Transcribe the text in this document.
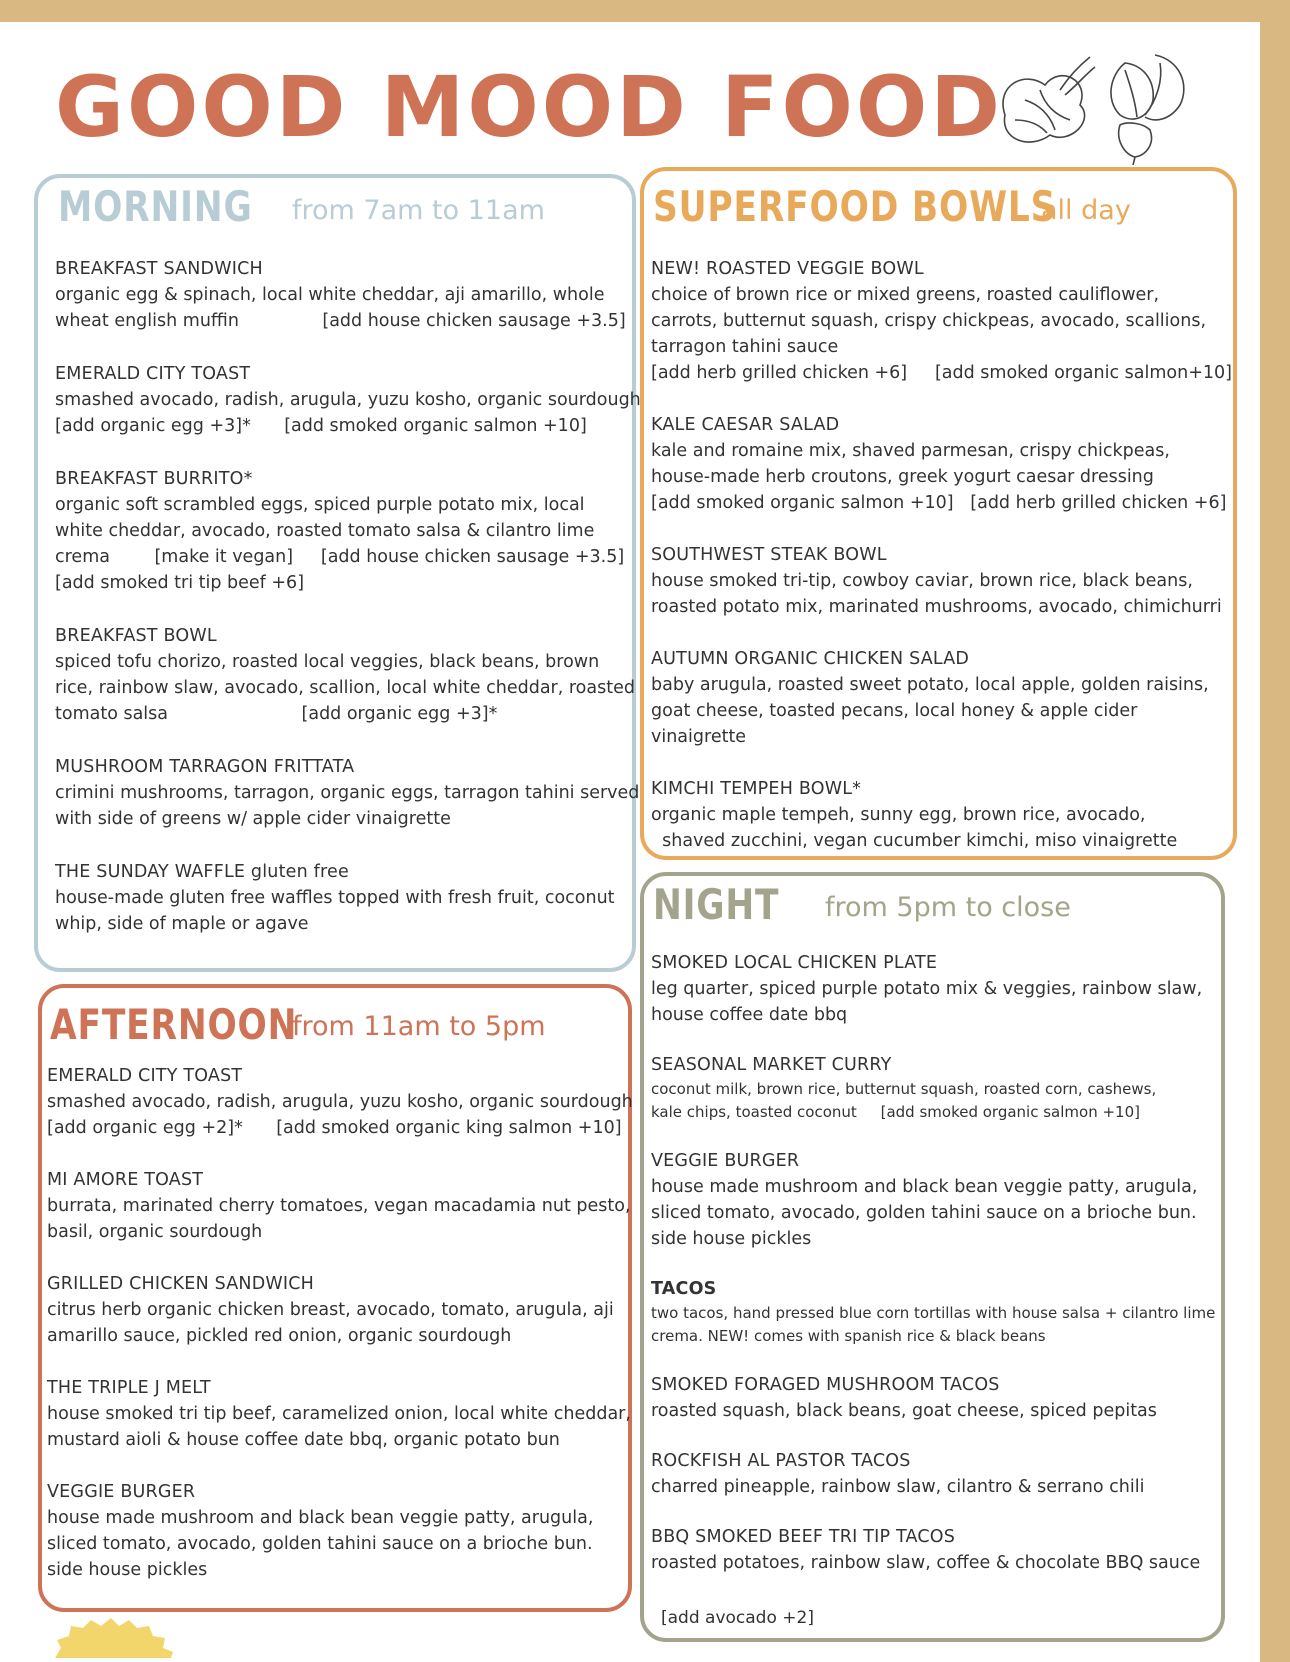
GOOD MOOD FOOD
MORNING	from 7am to 11am	SUPERFOOD BOWLS
all day
AFTERNOON
from 11am to 5pm
NIGHT	from 5pm to close
BREAKFAST SANDWICH
organic egg & spinach, local white cheddar, aji amarillo, whole
wheat english muffin               [add house chicken sausage +3.5]
EMERALD CITY TOAST
smashed avocado, radish, arugula, yuzu kosho, organic sourdough
[add organic egg +3]*      [add smoked organic salmon +10]
BREAKFAST BURRITO*
organic soft scrambled eggs, spiced purple potato mix, local
white cheddar, avocado, roasted tomato salsa & cilantro lime
crema        [make it vegan]     [add house chicken sausage +3.5]
[add smoked tri tip beef +6]
BREAKFAST BOWL
spiced tofu chorizo, roasted local veggies, black beans, brown
rice, rainbow slaw, avocado, scallion, local white cheddar, roasted
tomato salsa                        [add organic egg +3]*
MUSHROOM TARRAGON FRITTATA
crimini mushrooms, tarragon, organic eggs, tarragon tahini served
with side of greens w/ apple cider vinaigrette
THE SUNDAY WAFFLE gluten free
house-made gluten free waffles topped with fresh fruit, coconut
whip, side of maple or agave
NEW! ROASTED VEGGIE BOWL
choice of brown rice or mixed greens, roasted cauliflower,
carrots, butternut squash, crispy chickpeas, avocado, scallions,
tarragon tahini sauce
[add herb grilled chicken +6]     [add smoked organic salmon+10]
KALE CAESAR SALAD
kale and romaine mix, shaved parmesan, crispy chickpeas,
house-made herb croutons, greek yogurt caesar dressing
[add smoked organic salmon +10]   [add herb grilled chicken +6]
SOUTHWEST STEAK BOWL
house smoked tri-tip, cowboy caviar, brown rice, black beans,
roasted potato mix, marinated mushrooms, avocado, chimichurri
AUTUMN ORGANIC CHICKEN SALAD
baby arugula, roasted sweet potato, local apple, golden raisins,
goat cheese, toasted pecans, local honey & apple cider
vinaigrette
KIMCHI TEMPEH BOWL*
organic maple tempeh, sunny egg, brown rice, avocado,
shaved zucchini, vegan cucumber kimchi, miso vinaigrette
EMERALD CITY TOAST
smashed avocado, radish, arugula, yuzu kosho, organic sourdough
[add organic egg +2]*      [add smoked organic king salmon +10]
MI AMORE TOAST
burrata, marinated cherry tomatoes, vegan macadamia nut pesto,
basil, organic sourdough
GRILLED CHICKEN SANDWICH
citrus herb organic chicken breast, avocado, tomato, arugula, aji
amarillo sauce, pickled red onion, organic sourdough
THE TRIPLE J MELT
house smoked tri tip beef, caramelized onion, local white cheddar,
mustard aioli & house coffee date bbq, organic potato bun
VEGGIE BURGER
house made mushroom and black bean veggie patty, arugula,
sliced tomato, avocado, golden tahini sauce on a brioche bun.
side house pickles
SMOKED LOCAL CHICKEN PLATE
leg quarter, spiced purple potato mix & veggies, rainbow slaw,
house coffee date bbq
SEASONAL MARKET CURRY
coconut milk, brown rice, butternut squash, roasted corn, cashews,
kale chips, toasted coconut     [add smoked organic salmon +10]
VEGGIE BURGER
house made mushroom and black bean veggie patty, arugula,
sliced tomato, avocado, golden tahini sauce on a brioche bun.
side house pickles
TACOS
two tacos, hand pressed blue corn tortillas with house salsa + cilantro lime
crema. NEW! comes with spanish rice & black beans
SMOKED FORAGED MUSHROOM TACOS
roasted squash, black beans, goat cheese, spiced pepitas
ROCKFISH AL PASTOR TACOS
charred pineapple, rainbow slaw, cilantro & serrano chili
BBQ SMOKED BEEF TRI TIP TACOS
roasted potatoes, rainbow slaw, coffee & chocolate BBQ sauce
[add avocado +2]
